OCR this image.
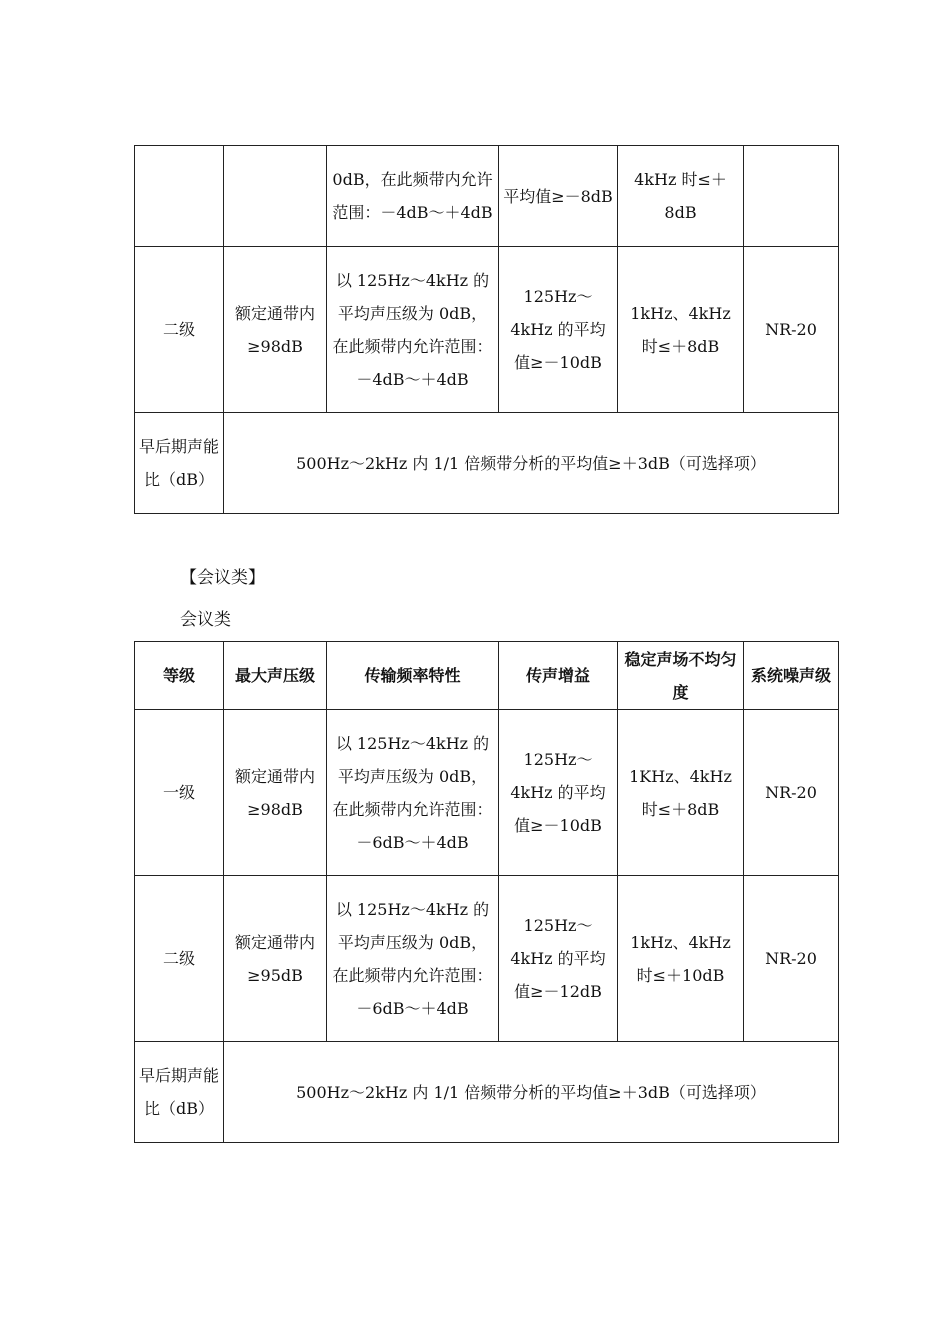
		0dB，在此频带内允许范围：－4dB～＋4dB	平均值≥－8dB	4kHz 时≤＋8dB	
二级	额定通带内≥98dB	以 125Hz～4kHz 的平均声压级为 0dB，在此频带内允许范围：－4dB～＋4dB	125Hz～4kHz 的平均值≥－10dB	1kHz、4kHz 时≤＋8dB	NR-20
早后期声能比（dB）	500Hz～2kHz 内 1/1 倍频带分析的平均值≥＋3dB（可选择项）				
【会议类】
会议类
等级	最大声压级	传输频率特性	传声增益	稳定声场不均匀度	系统噪声级
一级	额定通带内≥98dB	以 125Hz～4kHz 的平均声压级为 0dB，在此频带内允许范围：－6dB～＋4dB	125Hz～4kHz 的平均值≥－10dB	1KHz、4kHz 时≤＋8dB	NR-20
二级	额定通带内≥95dB	以 125Hz～4kHz 的平均声压级为 0dB，在此频带内允许范围：－6dB～＋4dB	125Hz～4kHz 的平均值≥－12dB	1kHz、4kHz 时≤＋10dB	NR-20
早后期声能比（dB）	500Hz～2kHz 内 1/1 倍频带分析的平均值≥＋3dB（可选择项）				
